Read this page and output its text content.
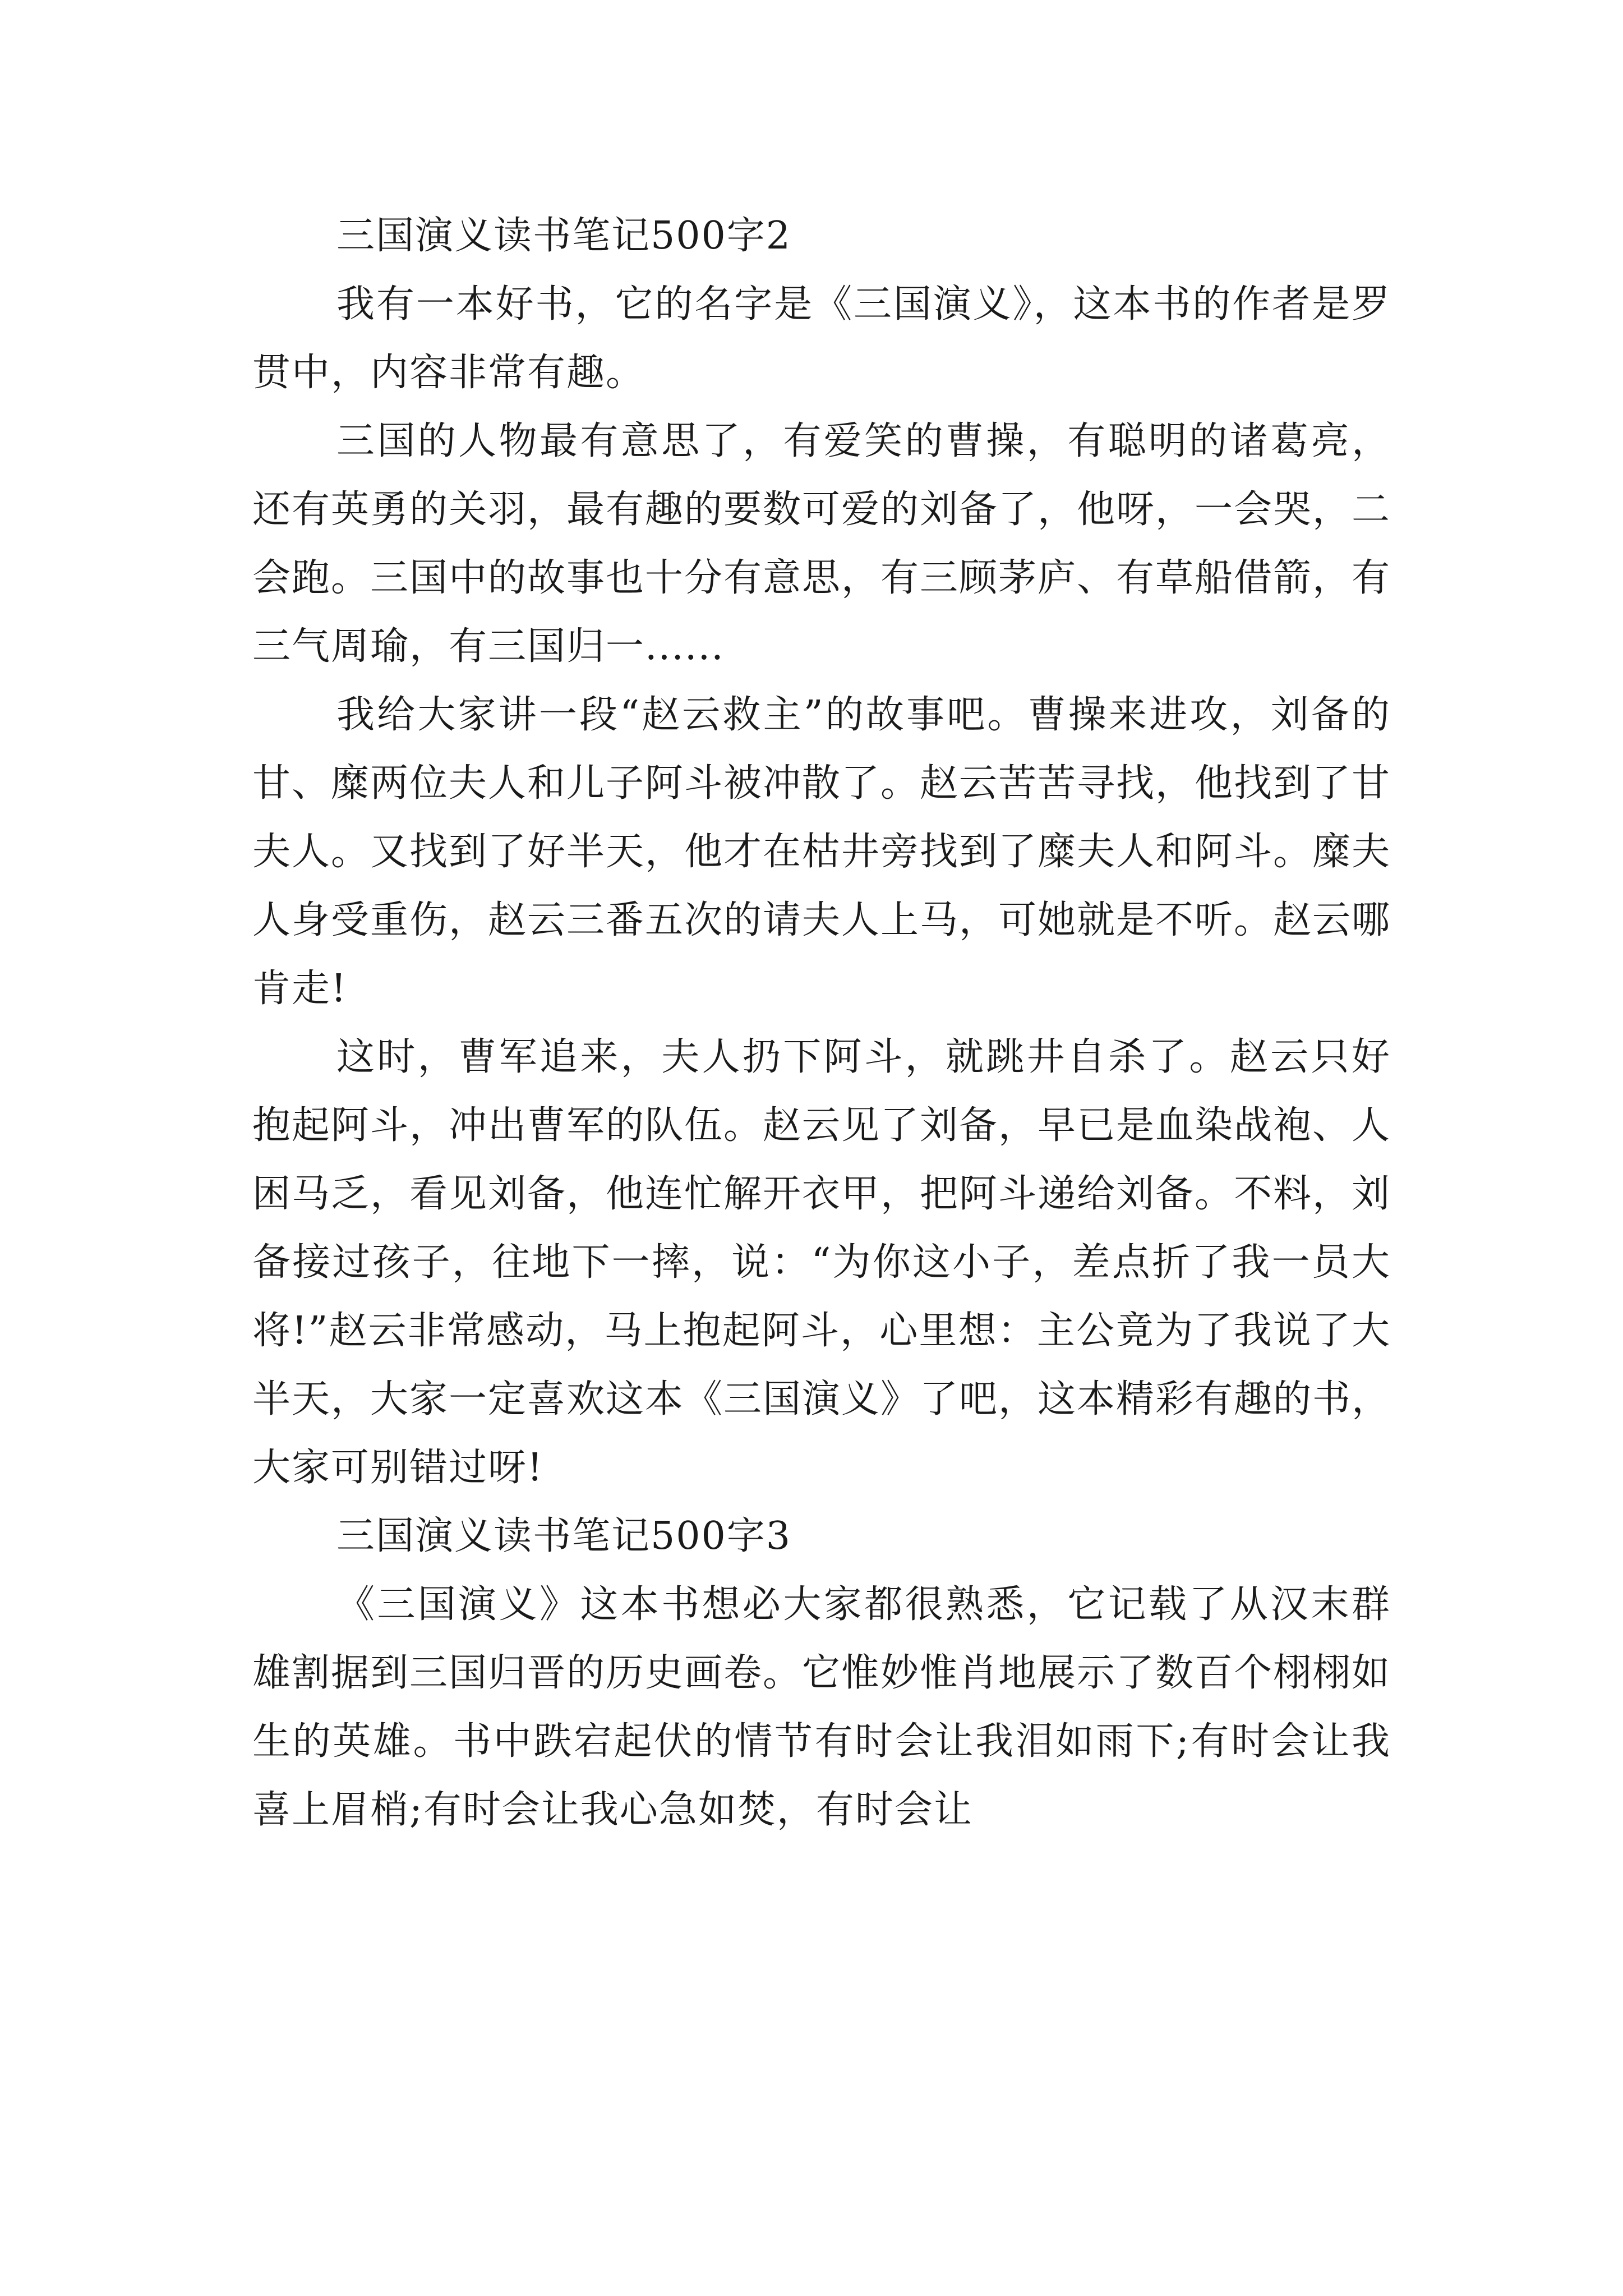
三国演义读书笔记500字2

我有一本好书，它的名字是《三国演义》，这本书的作者是罗贯中，内容非常有趣。

三国的人物最有意思了，有爱笑的曹操，有聪明的诸葛亮，还有英勇的关羽，最有趣的要数可爱的刘备了，他呀，一会哭，二会跑。三国中的故事也十分有意思，有三顾茅庐、有草船借箭，有三气周瑜，有三国归一......

我给大家讲一段“赵云救主”的故事吧。曹操来进攻，刘备的甘、糜两位夫人和儿子阿斗被冲散了。赵云苦苦寻找，他找到了甘夫人。又找到了好半天，他才在枯井旁找到了糜夫人和阿斗。糜夫人身受重伤，赵云三番五次的请夫人上马，可她就是不听。赵云哪肯走!

这时，曹军追来，夫人扔下阿斗，就跳井自杀了。赵云只好抱起阿斗，冲出曹军的队伍。赵云见了刘备，早已是血染战袍、人困马乏，看见刘备，他连忙解开衣甲，把阿斗递给刘备。不料，刘备接过孩子，往地下一摔，说：“为你这小子，差点折了我一员大将!”赵云非常感动，马上抱起阿斗，心里想：主公竟为了我说了大半天，大家一定喜欢这本《三国演义》了吧，这本精彩有趣的书，大家可别错过呀!

三国演义读书笔记500字3

《三国演义》这本书想必大家都很熟悉，它记载了从汉末群雄割据到三国归晋的历史画卷。它惟妙惟肖地展示了数百个栩栩如生的英雄。书中跌宕起伏的情节有时会让我泪如雨下;有时会让我喜上眉梢;有时会让我心急如焚，有时会让
